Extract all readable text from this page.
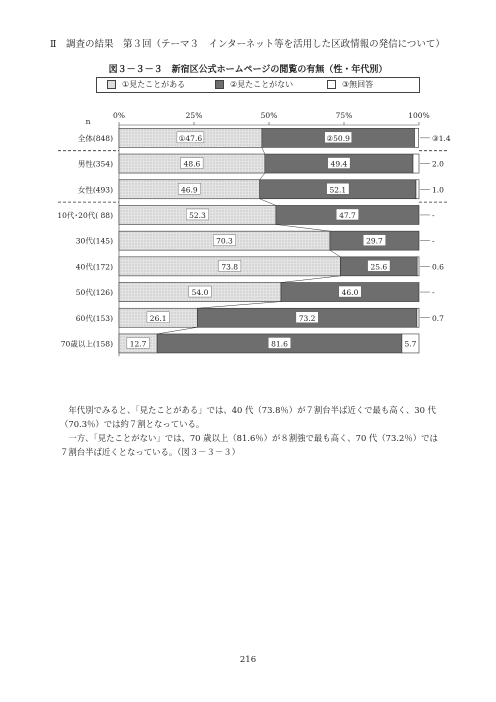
Ⅱ　調査の結果　第３回（テーマ３　インターネット等を活用した区政情報の発信について）
図３－３－３　新宿区公式ホームページの閲覧の有無（性・年代別）
①見たことがある	②見たことがない	③無回答
0%	25%	50%	75%	100%
n
全体(848)	①47.6	②50.9	③1.4
男性(354)	48.6	49.4	2.0
女性(493)	46.9	52.1	1.0
10代･20代( 88)	52.3	47.7	-
30代(145)	70.3	29.7	-
40代(172)	73.8	25.6	0.6
50代(126)	54.0	46.0	-
60代(153)	26.1	73.2	0.7
70歳以上(158) 12.7	81.6	5.7

年代別でみると、「見たことがある」では、40 代（73.8％）が７割台半ば近くで最も高く、30 代

（70.3％）では約７割となっている。

一方、「見たことがない」では、70 歳以上（81.6％）が８割強で最も高く、70 代（73.2％）では

７割台半ば近くとなっている。（図３－３－３）

216
